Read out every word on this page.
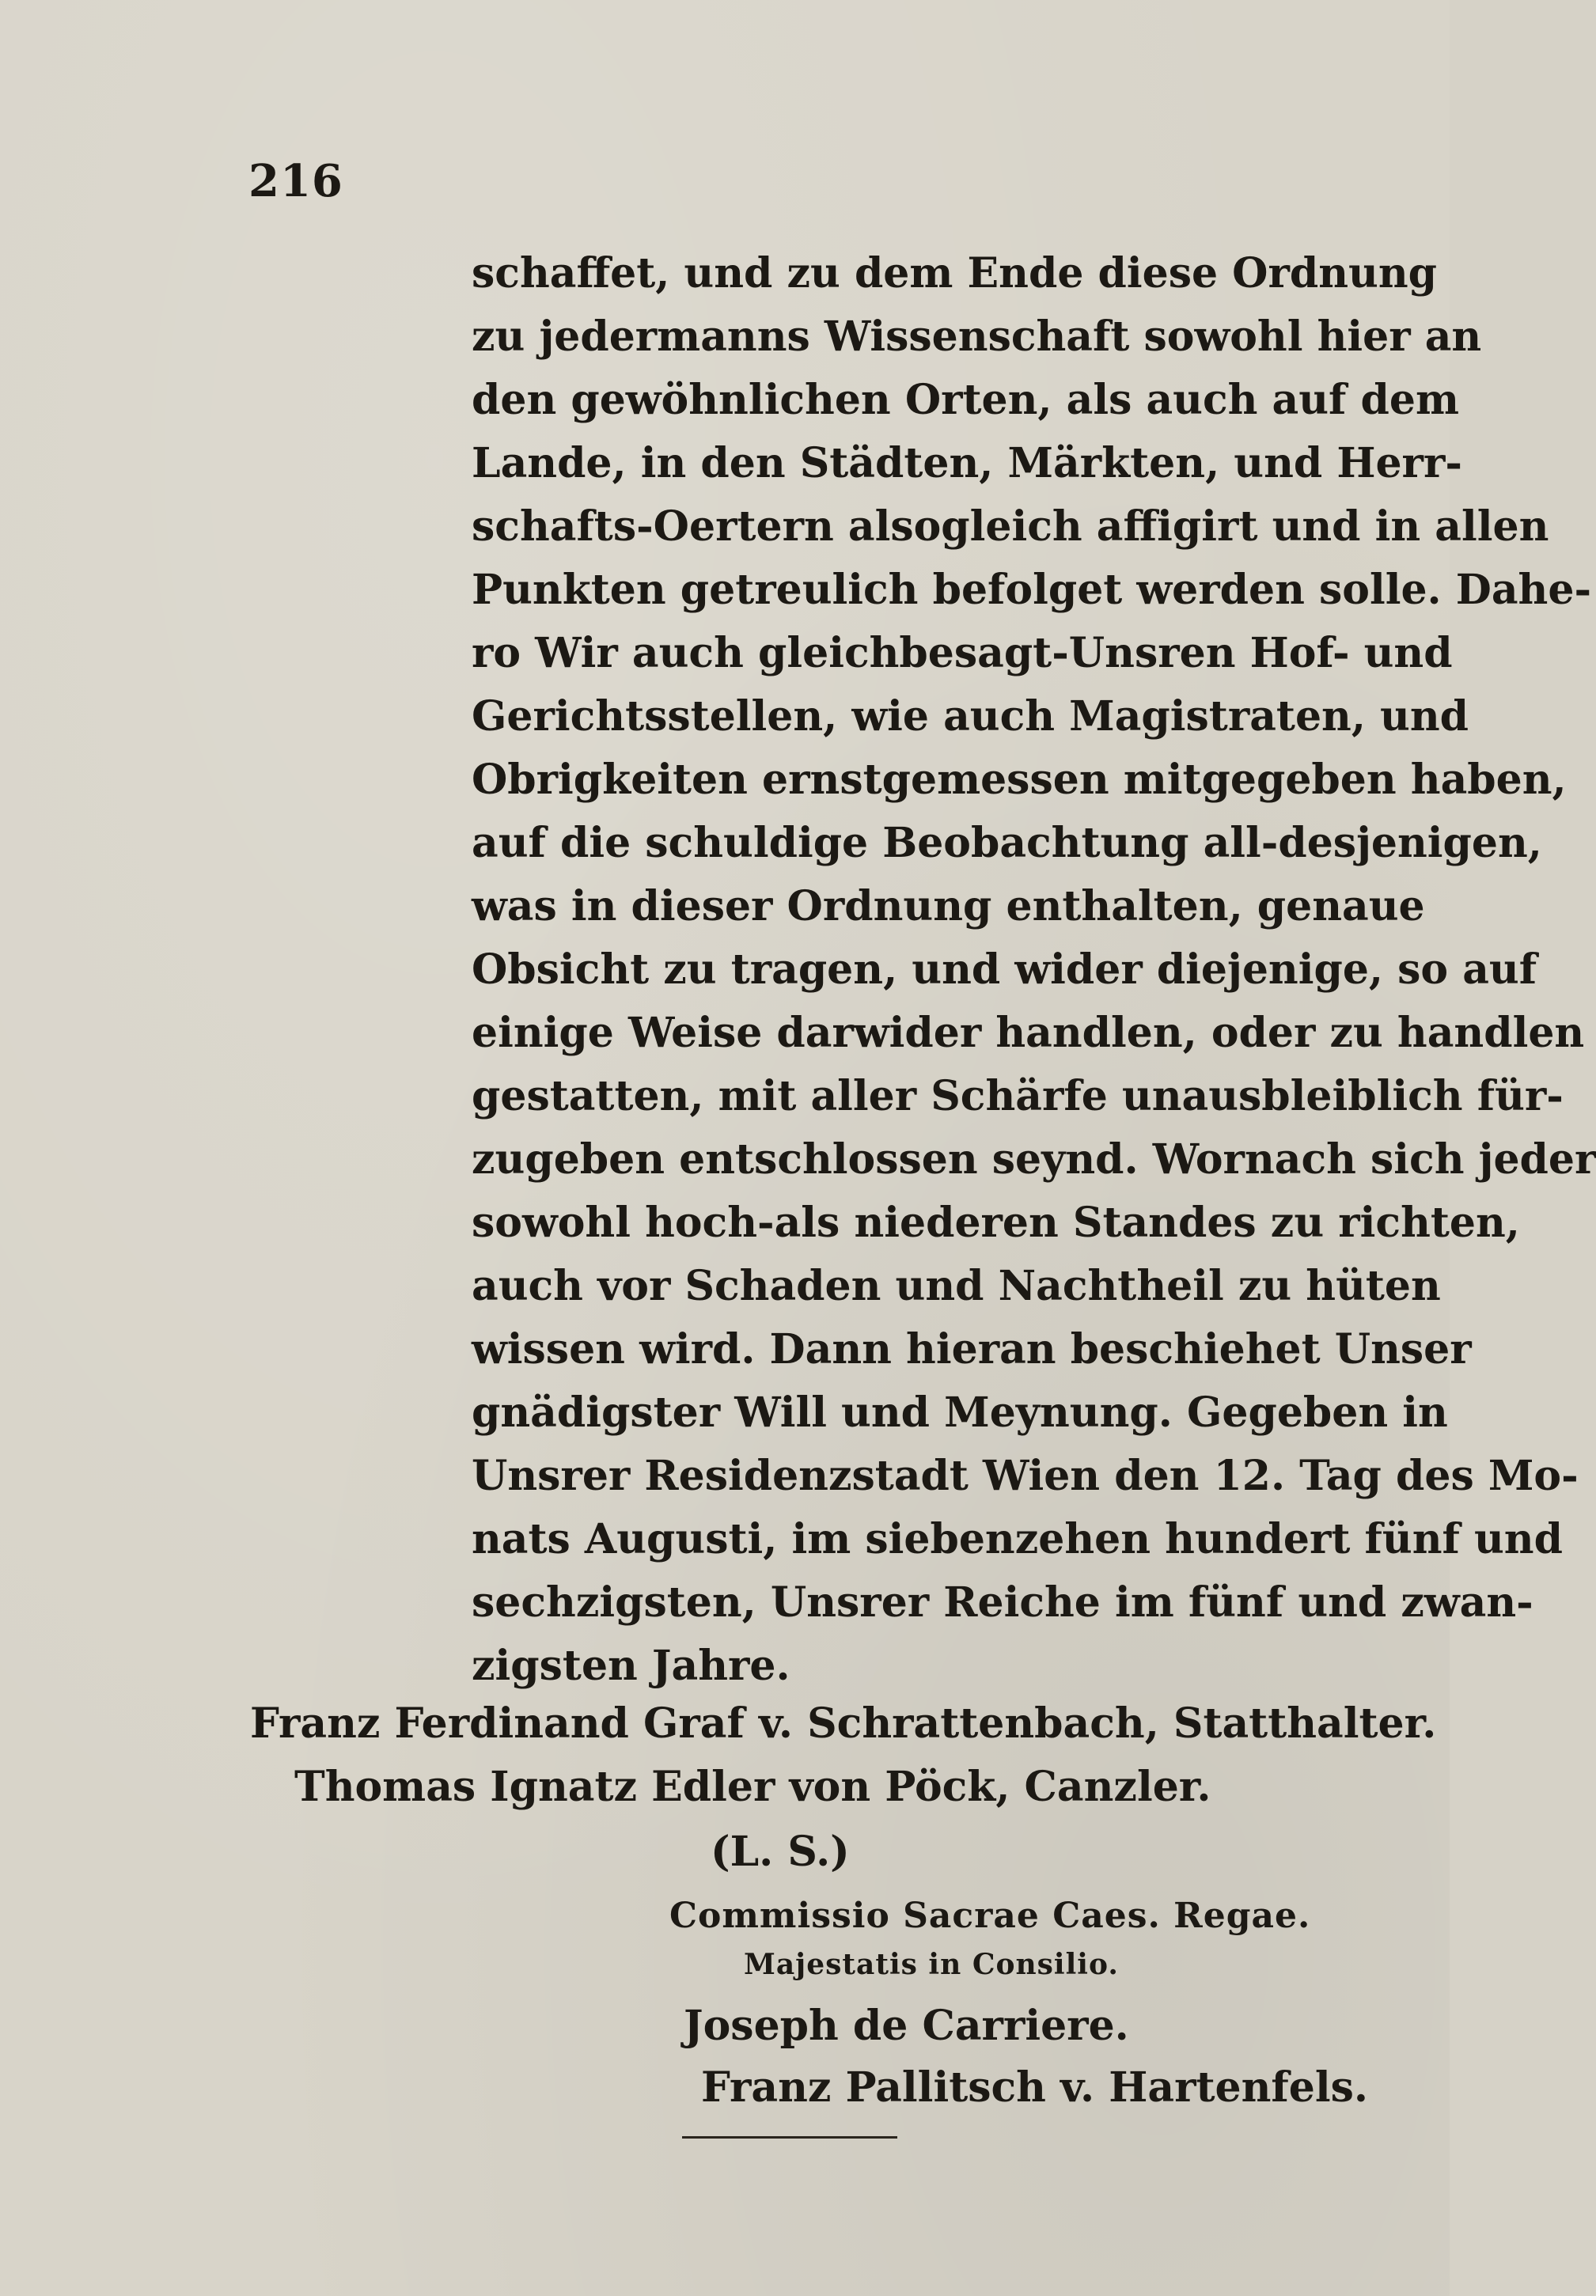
216
schaffet, und zu dem Ende diese Ordnung
zu jedermanns Wissenschaft sowohl hier an
den gewöhnlichen Orten, als auch auf dem
Lande, in den Städten, Märkten, und Herr-
schafts-Oertern alsogleich affigirt und in allen
Punkten getreulich befolget werden solle. Dahe-
ro Wir auch gleichbesagt-Unsren Hof- und
Gerichtsstellen, wie auch Magistraten, und
Obrigkeiten ernstgemessen mitgegeben haben,
auf die schuldige Beobachtung all-desjenigen,
was in dieser Ordnung enthalten, genaue
Obsicht zu tragen, und wider diejenige, so auf
einige Weise darwider handlen, oder zu handlen
gestatten, mit aller Schärfe unausbleiblich für-
zugeben entschlossen seynd. Wornach sich jeder
sowohl hoch-als niederen Standes zu richten,
auch vor Schaden und Nachtheil zu hüten
wissen wird. Dann hieran beschiehet Unser
gnädigster Will und Meynung. Gegeben in
Unsrer Residenzstadt Wien den 12. Tag des Mo-
nats Augusti, im siebenzehen hundert fünf und
sechzigsten, Unsrer Reiche im fünf und zwan-
zigsten Jahre.
Franz Ferdinand Graf v. Schrattenbach, Statthalter.
Thomas Ignatz Edler von Pöck, Canzler.
(L. S.)
Commissio Sacrae Caes. Regae.
Majestatis in Consilio.
Joseph de Carriere.
Franz Pallitsch v. Hartenfels.
